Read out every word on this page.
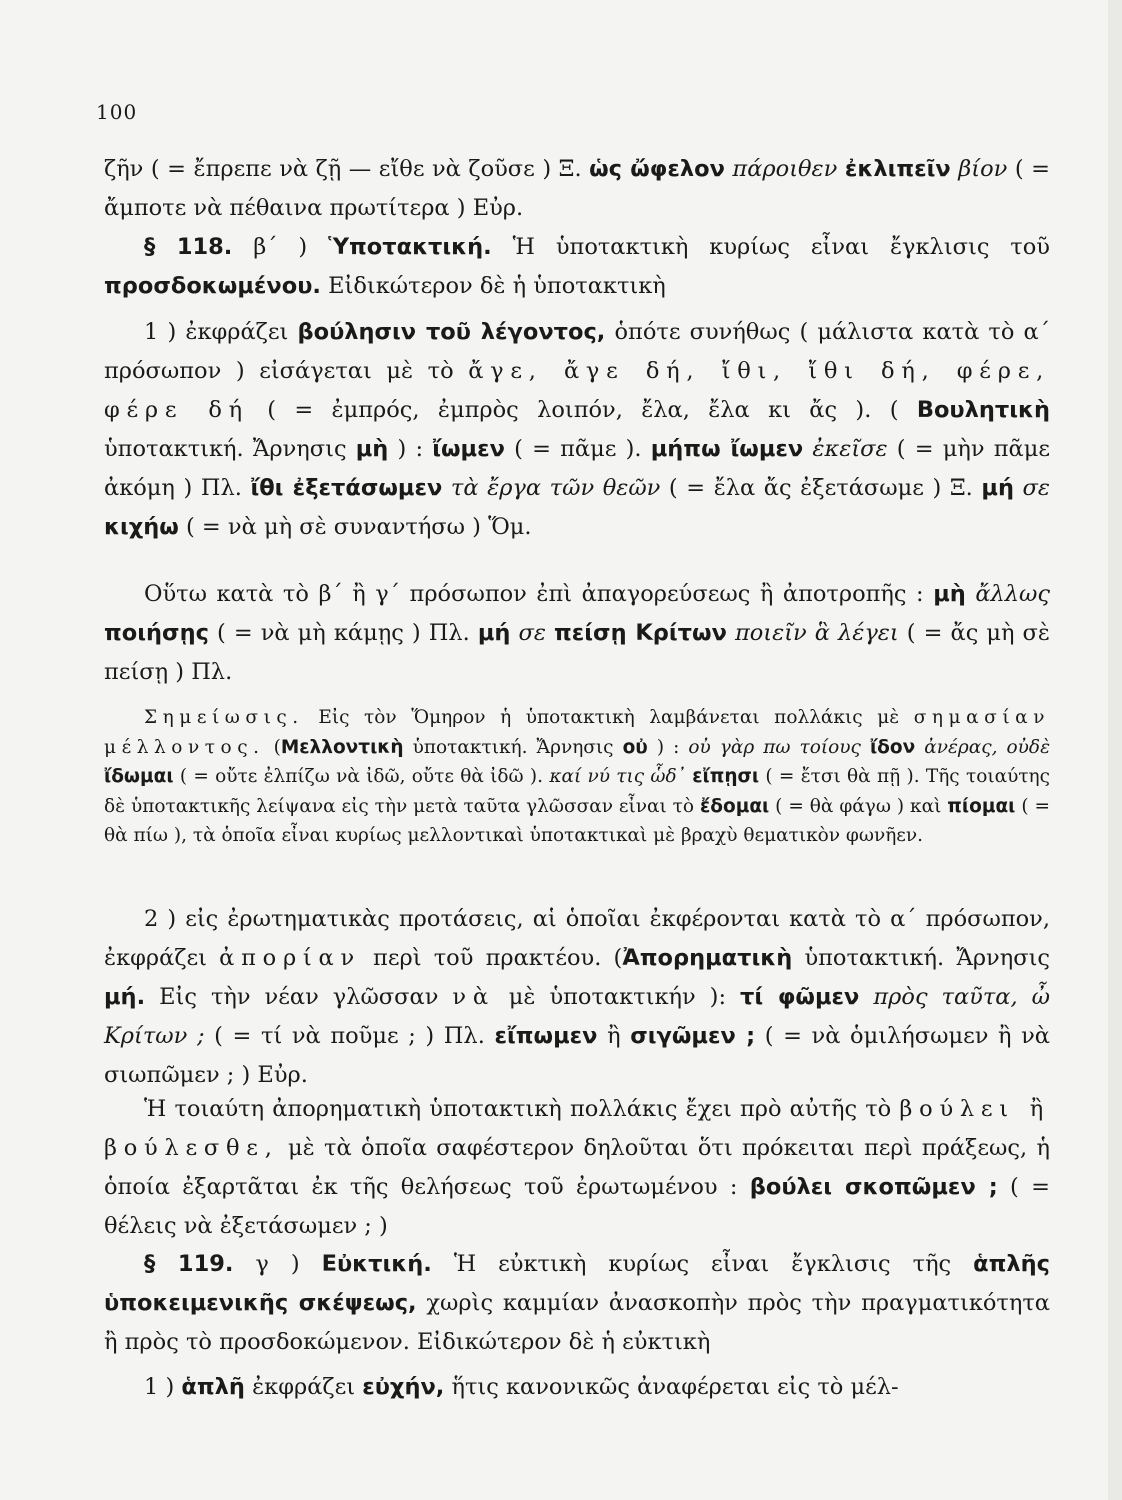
100

ζῆν ( = ἔπρεπε νὰ ζῇ — εἴθε νὰ ζοῦσε ) Ξ. ὡς ὤφελον πάροιθεν ἐκλιπεῖν βίον ( = ἄμποτε νὰ πέθαινα πρωτίτερα ) Εὐρ.

§ 118. β΄ ) Ὑποτακτική. Ἡ ὑποτακτικὴ κυρίως εἶναι ἔγκλισις τοῦ προσδοκωμένου. Εἰδικώτερον δὲ ἡ ὑποτακτικὴ

1 ) ἐκφράζει βούλησιν τοῦ λέγοντος, ὁπότε συνήθως ( μάλιστα κατὰ τὸ α΄ πρόσωπον ) εἰσάγεται μὲ τὸ ἄγε, ἄγε δή, ἴθι, ἴθι δή, φέρε, φέρε δή ( = ἐμπρός, ἐμπρὸς λοιπόν, ἔλα, ἔλα κι ἄς ). ( Βουλητικὴ ὑποτακτική. Ἄρνησις μὴ ) : ἴωμεν ( = πᾶμε ). μήπω ἴωμεν ἐκεῖσε ( = μὴν πᾶμε ἀκόμη ) Πλ. ἴθι ἐξετάσωμεν τὰ ἔργα τῶν θεῶν ( = ἔλα ἄς ἐξετάσωμε ) Ξ. μή σε κιχήω ( = νὰ μὴ σὲ συναντήσω ) Ὅμ.

Οὕτω κατὰ τὸ β΄ ἢ γ΄ πρόσωπον ἐπὶ ἀπαγορεύσεως ἢ ἀποτροπῆς : μὴ ἄλλως ποιήσῃς ( = νὰ μὴ κάμῃς ) Πλ. μή σε πείσῃ Κρίτων ποιεῖν ἃ λέγει ( = ἄς μὴ σὲ πείσῃ ) Πλ.

Σημείωσις. Εἰς τὸν Ὅμηρον ἡ ὑποτακτικὴ λαμβάνεται πολλάκις μὲ σημασίαν μέλλοντος. (Μελλοντικὴ ὑποτακτική. Ἄρνησις οὐ ) : οὐ γὰρ πω τοίους ἴδον ἀνέρας, οὐδὲ ἴδωμαι ( = οὔτε ἐλπίζω νὰ ἰδῶ, οὔτε θὰ ἰδῶ ). καί νύ τις ὧδ᾽ εἴπῃσι ( = ἔτσι θὰ πῇ ). Τῆς τοιαύτης δὲ ὑποτακτικῆς λείψανα εἰς τὴν μετὰ ταῦτα γλῶσσαν εἶναι τὸ ἔδομαι ( = θὰ φάγω ) καὶ πίομαι ( = θὰ πίω ), τὰ ὁποῖα εἶναι κυρίως μελλοντικαὶ ὑποτακτικαὶ μὲ βραχὺ θεματικὸν φωνῆεν.

2 ) εἰς ἐρωτηματικὰς προτάσεις, αἱ ὁποῖαι ἐκφέρονται κατὰ τὸ α΄ πρόσωπον, ἐκφράζει ἀπορίαν περὶ τοῦ πρακτέου. (Ἀπορηματικὴ ὑποτακτική. Ἄρνησις μή. Εἰς τὴν νέαν γλῶσσαν νὰ μὲ ὑποτακτικήν ): τί φῶμεν πρὸς ταῦτα, ὦ Κρίτων ; ( = τί νὰ ποῦμε ; ) Πλ. εἴπωμεν ἢ σιγῶμεν ; ( = νὰ ὁμιλήσωμεν ἢ νὰ σιωπῶμεν ; ) Εὐρ.

Ἡ τοιαύτη ἀπορηματικὴ ὑποτακτικὴ πολλάκις ἔχει πρὸ αὐτῆς τὸ βούλει ἢ βούλεσθε, μὲ τὰ ὁποῖα σαφέστερον δηλοῦται ὅτι πρόκειται περὶ πράξεως, ἡ ὁποία ἐξαρτᾶται ἐκ τῆς θελήσεως τοῦ ἐρωτωμένου : βούλει σκοπῶμεν ; ( = θέλεις νὰ ἐξετάσωμεν ; )

§ 119. γ ) Εὐκτική. Ἡ εὐκτικὴ κυρίως εἶναι ἔγκλισις τῆς ἁπλῆς ὑποκειμενικῆς σκέψεως, χωρὶς καμμίαν ἀνασκοπὴν πρὸς τὴν πραγματικότητα ἢ πρὸς τὸ προσδοκώμενον. Εἰδικώτερον δὲ ἡ εὐκτικὴ

1 ) ἁπλῆ ἐκφράζει εὐχήν, ἥτις κανονικῶς ἀναφέρεται εἰς τὸ μέλ-
